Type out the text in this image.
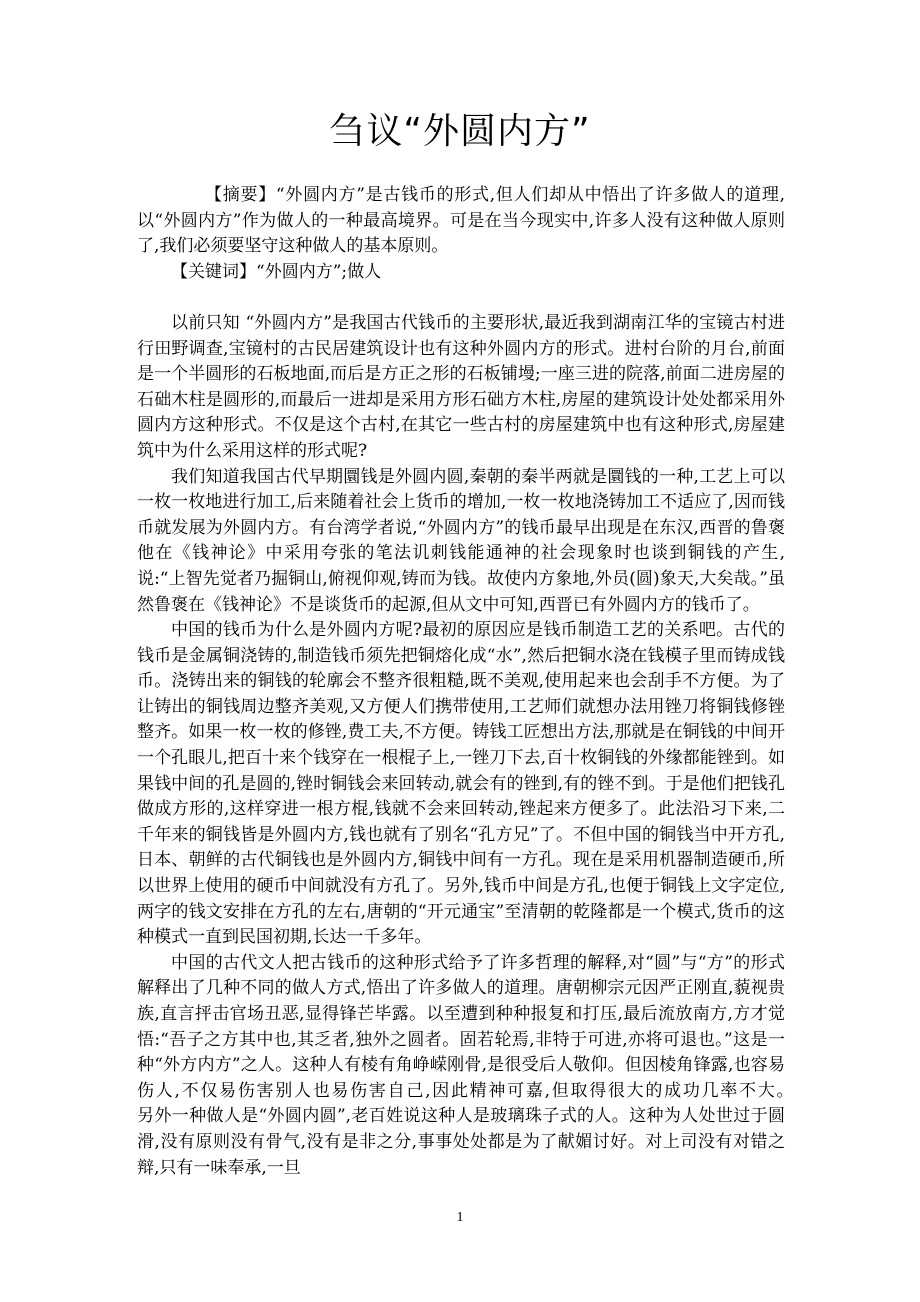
刍议“外圆内方”

【摘要】“外圆内方”是古钱币的形式,但人们却从中悟出了许多做人的道理,以“外圆内方”作为做人的一种最高境界。可是在当今现实中,许多人没有这种做人原则了,我们必须要坚守这种做人的基本原则。

【关键词】“外圆内方”;做人

以前只知 “外圆内方”是我国古代钱币的主要形状,最近我到湖南江华的宝镜古村进行田野调查,宝镜村的古民居建筑设计也有这种外圆内方的形式。进村台阶的月台,前面是一个半圆形的石板地面,而后是方正之形的石板铺墁;一座三进的院落,前面二进房屋的石础木柱是圆形的,而最后一进却是采用方形石础方木柱,房屋的建筑设计处处都采用外圆内方这种形式。不仅是这个古村,在其它一些古村的房屋建筑中也有这种形式,房屋建筑中为什么采用这样的形式呢?

我们知道我国古代早期圜钱是外圆内圆,秦朝的秦半两就是圜钱的一种,工艺上可以一枚一枚地进行加工,后来随着社会上货币的增加,一枚一枚地浇铸加工不适应了,因而钱币就发展为外圆内方。有台湾学者说,“外圆内方”的钱币最早出现是在东汉,西晋的鲁褒他在《钱神论》中采用夸张的笔法讥刺钱能通神的社会现象时也谈到铜钱的产生,说:“上智先觉者乃掘铜山,俯视仰观,铸而为钱。故使内方象地,外员(圆)象天,大矣哉。”虽然鲁褒在《钱神论》不是谈货币的起源,但从文中可知,西晋已有外圆内方的钱币了。

中国的钱币为什么是外圆内方呢?最初的原因应是钱币制造工艺的关系吧。古代的钱币是金属铜浇铸的,制造钱币须先把铜熔化成“水”,然后把铜水浇在钱模子里而铸成钱币。浇铸出来的铜钱的轮廓会不整齐很粗糙,既不美观,使用起来也会刮手不方便。为了让铸出的铜钱周边整齐美观,又方便人们携带使用,工艺师们就想办法用锉刀将铜钱修锉整齐。如果一枚一枚的修锉,费工夫,不方便。铸钱工匠想出方法,那就是在铜钱的中间开一个孔眼儿,把百十来个钱穿在一根棍子上,一锉刀下去,百十枚铜钱的外缘都能锉到。如果钱中间的孔是圆的,锉时铜钱会来回转动,就会有的锉到,有的锉不到。于是他们把钱孔做成方形的,这样穿进一根方棍,钱就不会来回转动,锉起来方便多了。此法沿习下来,二千年来的铜钱皆是外圆内方,钱也就有了别名“孔方兄”了。不但中国的铜钱当中开方孔,日本、朝鲜的古代铜钱也是外圆内方,铜钱中间有一方孔。现在是采用机器制造硬币,所以世界上使用的硬币中间就没有方孔了。另外,钱币中间是方孔,也便于铜钱上文字定位,两字的钱文安排在方孔的左右,唐朝的“开元通宝”至清朝的乾隆都是一个模式,货币的这种模式一直到民国初期,长达一千多年。

中国的古代文人把古钱币的这种形式给予了许多哲理的解释,对“圆”与“方”的形式解释出了几种不同的做人方式,悟出了许多做人的道理。唐朝柳宗元因严正刚直,藐视贵族,直言抨击官场丑恶,显得锋芒毕露。以至遭到种种报复和打压,最后流放南方,方才觉悟:“吾子之方其中也,其乏者,独外之圆者。固若轮焉,非特于可进,亦将可退也。”这是一种“外方内方”之人。这种人有棱有角峥嵘刚骨,是很受后人敬仰。但因棱角锋露,也容易伤人,不仅易伤害别人也易伤害自己,因此精神可嘉,但取得很大的成功几率不大。　　　　　　另外一种做人是“外圆内圆”,老百姓说这种人是玻璃珠子式的人。这种为人处世过于圆滑,没有原则没有骨气,没有是非之分,事事处处都是为了献媚讨好。对上司没有对错之辩,只有一味奉承,一旦

1
